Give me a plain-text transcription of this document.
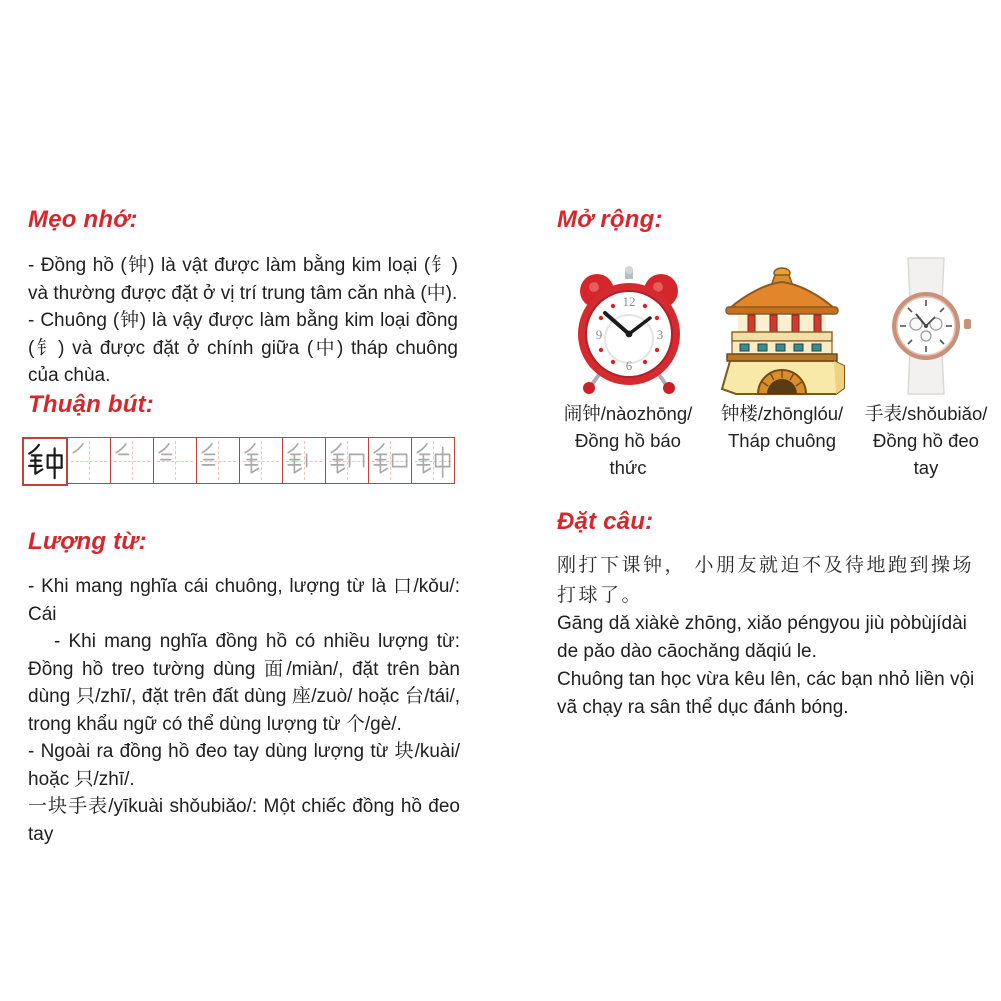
Mẹo nhớ:

- Đồng hồ (钟) là vật được làm bằng kim loại (钅) và thường được đặt ở vị trí trung tâm căn nhà (中).

- Chuông (钟) là vậy được làm bằng kim loại đồng (钅) và được đặt ở chính giữa (中) tháp chuông của chùa.

Thuận bút:
Lượng từ:

- Khi mang nghĩa cái chuông, lượng từ là 口/kǒu/: Cái

- Khi mang nghĩa đồng hồ có nhiều lượng từ: Đồng hồ treo tường dùng 面/miàn/, đặt trên bàn dùng 只/zhī/, đặt trên đất dùng 座/zuò/ hoặc 台/tái/, trong khẩu ngữ có thể dùng lượng từ 个/gè/.

- Ngoài ra đồng hồ đeo tay dùng lượng từ 块/kuài/ hoặc 只/zhī/.

一块手表/yīkuài shǒubiǎo/: Một chiếc đồng hồ đeo tay

Mở rộng:
12
3
6
9
闹钟/nàozhōng/
Đồng hồ báo thức
钟楼/zhōnglóu/
Tháp chuông
手表/shǒubiǎo/
Đồng hồ đeo tay
Đặt câu:
刚打下课钟， 小朋友就迫不及待地跑到操场打球了。
Gāng dǎ xiàkè zhōng, xiǎo péngyou jiù pòbùjídài de pǎo dào cāochǎng dǎqiú le.
Chuông tan học vừa kêu lên, các bạn nhỏ liền vội vã chạy ra sân thể dục đánh bóng.
